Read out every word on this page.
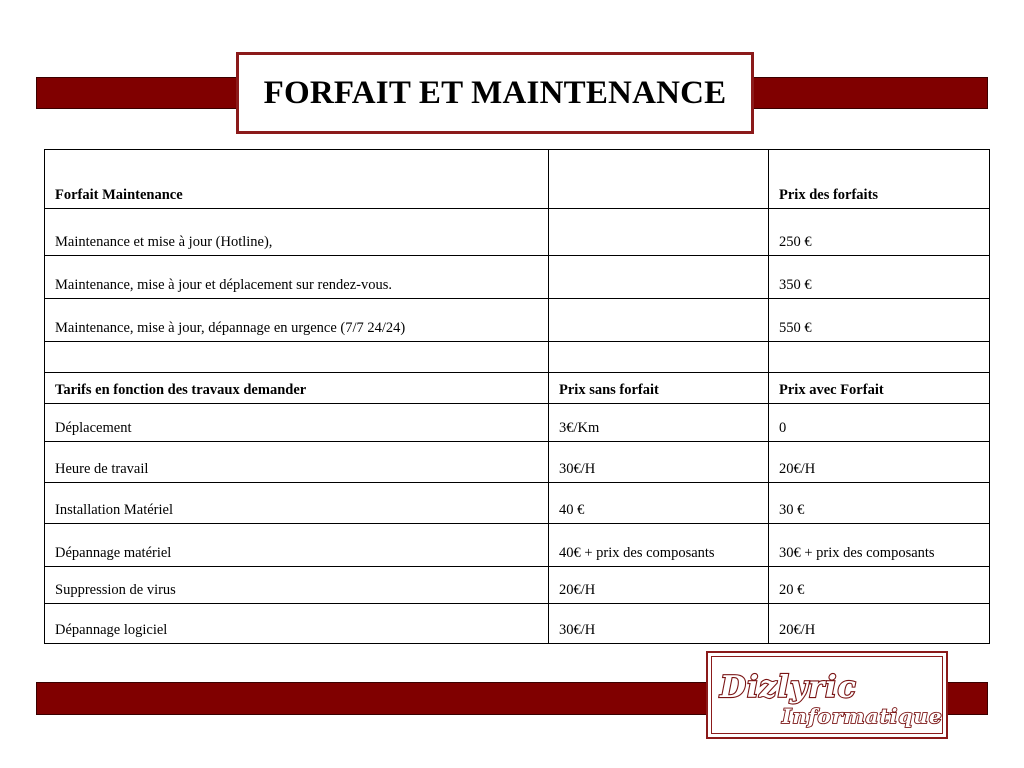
FORFAIT ET MAINTENANCE
Forfait Maintenance		Prix des forfaits
Maintenance et mise à jour (Hotline),		250 €
Maintenance, mise à jour et déplacement sur rendez-vous.		350 €
Maintenance, mise à jour, dépannage en urgence (7/7 24/24)		550 €

Tarifs en fonction des travaux demander	Prix sans forfait	Prix avec Forfait
Déplacement	3€/Km	0
Heure de travail	30€/H	20€/H
Installation Matériel	40 €	30 €
Dépannage matériel	40€ + prix des composants	30€ + prix des composants
Suppression de virus	20€/H	20 €
Dépannage logiciel	30€/H	20€/H
Dizlyric
Informatique
